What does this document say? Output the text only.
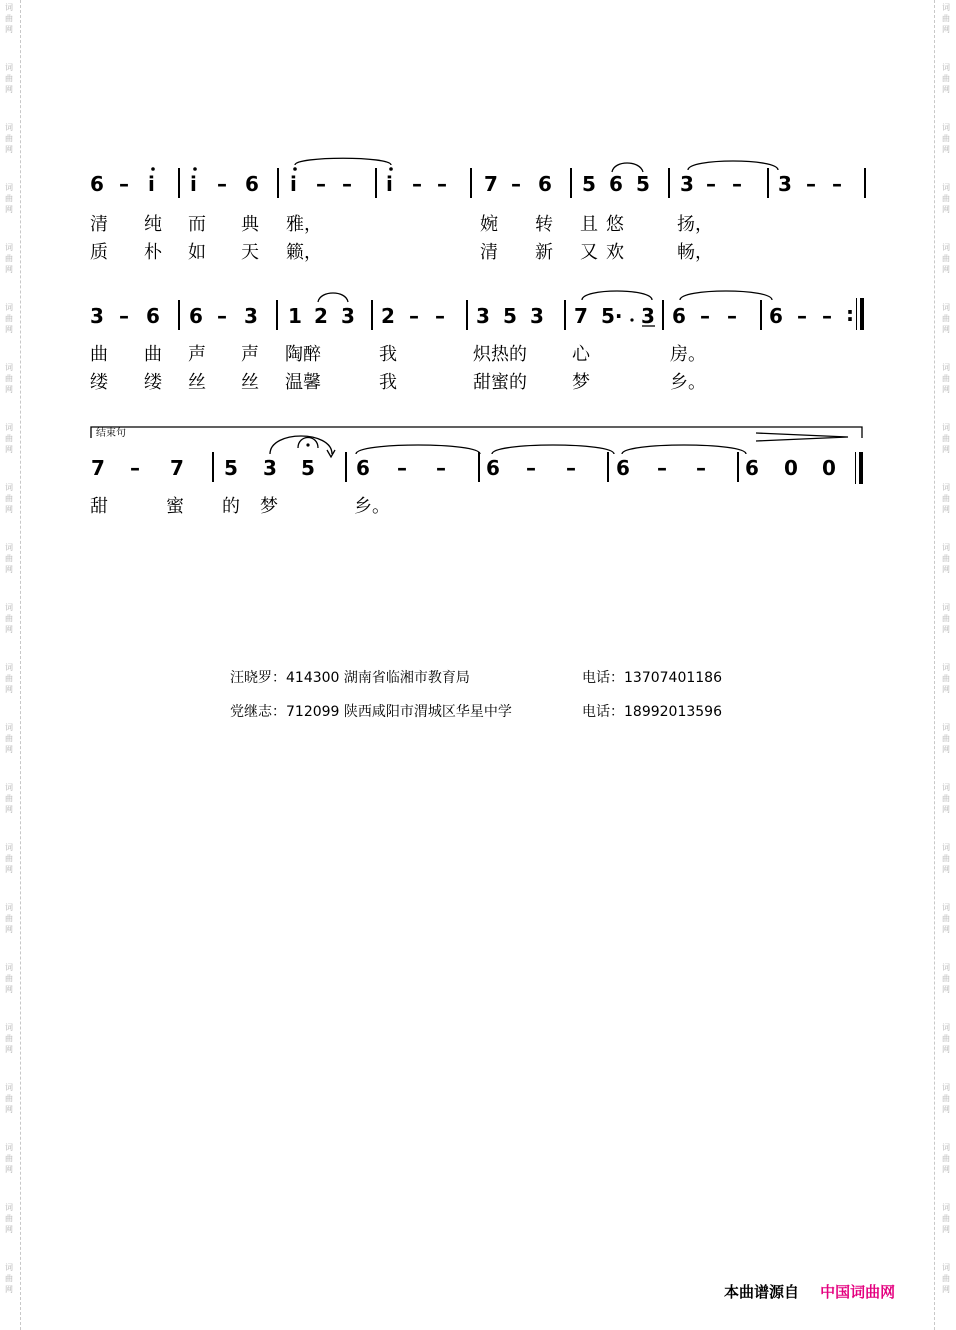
词
曲
网
词
曲
网
词
曲
网
词
曲
网
词
曲
网
词
曲
网
词
曲
网
词
曲
网
词
曲
网
词
曲
网
词
曲
网
词
曲
网
词
曲
网
词
曲
网
词
曲
网
词
曲
网
词
曲
网
词
曲
网
词
曲
网
词
曲
网
词
曲
网
词
曲
网
词
曲
网
词
曲
网
词
曲
网
词
曲
网
词
曲
网
词
曲
网
词
曲
网
词
曲
网
词
曲
网
词
曲
网
词
曲
网
词
曲
网
词
曲
网
词
曲
网
词
曲
网
词
曲
网
词
曲
网
词
曲
网
词
曲
网
词
曲
网
词
曲
网
词
曲
网
6 – i i – 6 i – – i – – 7 – 6 5 6 5 3 – – 3 – –
清 纯 而 典 雅，	婉 转 且 悠	扬，
质 朴 如 天 籁，	清 新 又 欢	畅，
3 – 6 6 – 3 1 2 3 2 – – 3 5 3 7 5· 3 6 – – 6 – – :
曲 曲 声 声 陶醉	我	炽热的	心	房。
缕 缕 丝 丝 温馨	我	甜蜜的	梦	乡。
结束句
7 – 7 5 3 5 6 – – 6 – – 6 – – 6 0 0
甜	蜜 的 梦	乡。
汪晓罗：414300 湖南省临湘市教育局	电话：13707401186
党继志：712099 陕西咸阳市渭城区华星中学	电话：18992013596
本曲谱源自 中国词曲网
